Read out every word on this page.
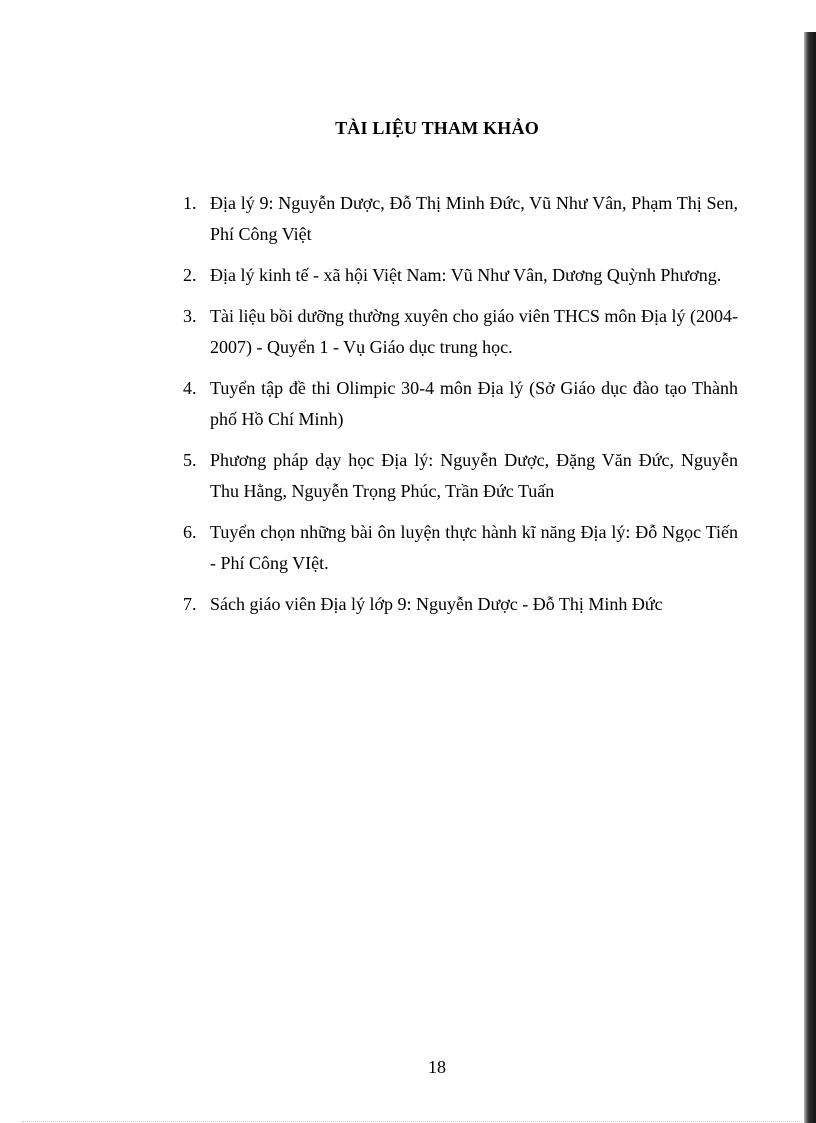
TÀI LIỆU THAM KHẢO
1. Địa lý 9: Nguyễn Dược, Đỗ Thị Minh Đức, Vũ Như Vân, Phạm Thị Sen, Phí Công Việt
2. Địa lý kinh tế - xã hội Việt Nam: Vũ Như Vân, Dương Quỳnh Phương.
3. Tài liệu bồi dưỡng thường xuyên cho giáo viên THCS môn Địa lý (2004-2007) - Quyển 1 - Vụ Giáo dục trung học.
4. Tuyển tập đề thi Olimpic 30-4 môn Địa lý (Sở Giáo dục đào tạo Thành phố Hồ Chí Minh)
5. Phương pháp dạy học Địa lý: Nguyễn Dược, Đặng Văn Đức, Nguyễn Thu Hằng, Nguyễn Trọng Phúc, Trần Đức Tuấn
6. Tuyển chọn những bài ôn luyện thực hành kĩ năng Địa lý: Đỗ Ngọc Tiến - Phí Công VIệt.
7. Sách giáo viên Địa lý lớp 9: Nguyễn Dược - Đỗ Thị Minh Đức
18
